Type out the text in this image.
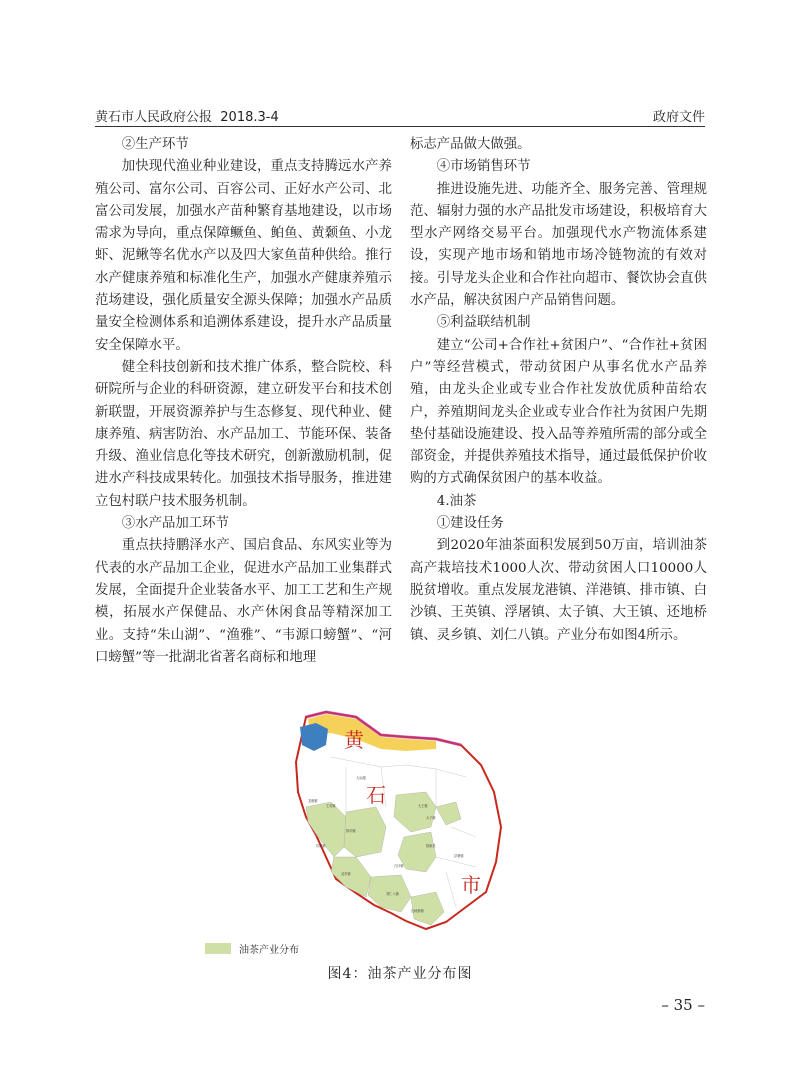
黄石市人民政府公报 2018.3-4	政府文件

②生产环节

加快现代渔业种业建设，重点支持腾远水产养殖公司、富尔公司、百容公司、正好水产公司、北富公司发展，加强水产苗种繁育基地建设，以市场需求为导向，重点保障鳜鱼、鲌鱼、黄颡鱼、小龙虾、泥鳅等名优水产以及四大家鱼苗种供给。推行水产健康养殖和标准化生产，加强水产健康养殖示范场建设，强化质量安全源头保障；加强水产品质量安全检测体系和追溯体系建设，提升水产品质量安全保障水平。

健全科技创新和技术推广体系，整合院校、科研院所与企业的科研资源，建立研发平台和技术创新联盟，开展资源养护与生态修复、现代种业、健康养殖、病害防治、水产品加工、节能环保、装备升级、渔业信息化等技术研究，创新激励机制，促进水产科技成果转化。加强技术指导服务，推进建立包村联户技术服务机制。

③水产品加工环节

重点扶持鹏泽水产、国启食品、东风实业等为代表的水产品加工企业，促进水产品加工业集群式发展，全面提升企业装备水平、加工工艺和生产规模，拓展水产保健品、水产休闲食品等精深加工业。支持“朱山湖”、“渔雅”、“韦源口螃蟹”、“河口螃蟹”等一批湖北省著名商标和地理

标志产品做大做强。

④市场销售环节

推进设施先进、功能齐全、服务完善、管理规范、辐射力强的水产品批发市场建设，积极培育大型水产网络交易平台。加强现代水产物流体系建设，实现产地市场和销地市场冷链物流的有效对接。引导龙头企业和合作社向超市、餐饮协会直供水产品，解决贫困户产品销售问题。

⑤利益联结机制

建立“公司+合作社+贫困户”、“合作社+贫困户”等经营模式，带动贫困户从事名优水产品养殖，由龙头企业或专业合作社发放优质种苗给农户，养殖期间龙头企业或专业合作社为贫困户先期垫付基础设施建设、投入品等养殖所需的部分或全部资金，并提供养殖技术指导，通过最低保护价收购的方式确保贫困户的基本收益。

4.油茶

①建设任务

到2020年油茶面积发展到50万亩，培训油茶高产栽培技术1000人次、带动贫困人口10000人脱贫增收。重点发展龙港镇、洋港镇、排市镇、白沙镇、王英镇、浮屠镇、太子镇、大王镇、还地桥镇、灵乡镇、刘仁八镇。产业分布如图4所示。

黄
石
市
大冶湖
阳新县
大王镇
太子镇
王英镇
龙港镇
洋港镇
排市镇
白沙镇
浮屠镇
灵乡镇
刘仁八镇
还地桥镇
油茶产业分布
图4：油茶产业分布图
– 35 –
